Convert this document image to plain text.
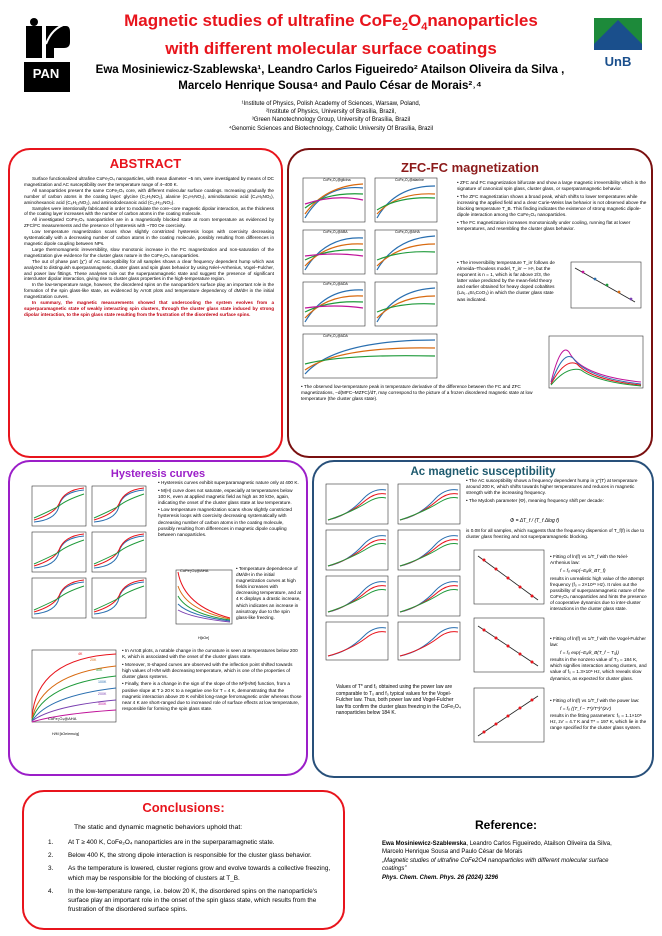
PAN
UnB
Magnetic studies of ultrafine $CoFe_2O_4nanoparticles$
with different molecular surface coatings
Ewa Mosiniewicz-Szablewska¹, Leandro Carlos Figueiredo² Atailson Oliveira da Silva ,
Marcelo Henrique Sousa⁴ and Paulo César de Morais²˒⁴
¹Institute of Physics, Polish Academy of Sciences, Warsaw, Poland,
²Institute of Physics, University of Brasília, Brazil,
³Green Nanotechnology Group, University of Brasília, Brazil
⁴Genomic Sciences and Biotechnology, Catholic University Of Brasília, Brazil
ABSTRACT

Surface functionalized ultrafine CoFe₂O₄ nanoparticles, with mean diameter ~5 nm, were investigated by means of DC magnetization and AC susceptibility over the temperature range of 4–400 K.

All nanoparticles present the same CoFe₂O₄ core, with different molecular surface coatings. Increasing gradually the number of carbon atoms in the coating layer: glycine (C₂H₅NO₂), alanine (C₃H₇NO₂), aminobutanoic acid (C₄H₉NO₂), aminohexanoic acid (C₆H₁₃NO₂), and aminododecanoic acid (C₁₂H₂₅NO₂).

Samples were intentionally fabricated in order to modulate the core–core magnetic dipolar interaction, as the thickness of the coating layer increases with the number of carbon atoms in the coating molecule.

All investigated CoFe₂O₄ nanoparticles are in a magnetically blocked state at room temperature as evidenced by ZFC/FC measurements and the presence of hysteresis with ~700 Oe coercivity.

Low temperature magnetization scans show slightly constricted hysteresis loops with coercivity decreasing systematically with a decreasing number of carbon atoms in the coating molecule, possibly resulting from differences in magnetic dipole coupling between NPs.

Large thermomagnetic irreversibility, slow monotonic increase in the FC magnetization and non-saturation of the magnetization give evidence for the cluster glass nature in the CoFe₂O₄ nanoparticles.

The out of phase part (χ'') of AC susceptibility for all samples shows a clear frequency dependent hump which was analyzed to distinguish superparamagnetic, cluster glass and spin glass behavior by using Néel–Arrhenius, Vogel–Fulcher, and power law fittings. These analyses rule out the superparamagnetic state and suggest the presence of significant intercluster dipolar interaction, giving rise to cluster glass properties in the high-temperature region.

In the low-temperature range, however, the disordered spins on the nanoparticle's surface play an important role in the formation of the spin glass-like state, as evidenced by Arrott plots and temperature dependency of dM/dH in the initial magnetization curves.

In summary, the magnetic measurements showed that undercooling the system evolves from a superparamagnetic state of weakly interacting spin clusters, through the cluster glass state induced by strong dipolar interaction, to the spin glass state resulting from the frustration of the disordered surface spins.

ZFC-FC magnetization
CoFe₂O₄@glicina	CoFe₂O₄@alanine
CoFe₂O₄@ABA	CoFe₂O₄@AHA
CoFe₂O₄@ADA
CoFe₂O₄@ADA

• ZFC and FC magnetization bifurcate and show a large magnetic irreversibility which is the signature of canonical spin glass, cluster glass, or superparamagnetic behavior.

• The ZFC magnetization shows a broad peak, which shifts to lower temperatures while increasing the applied field and a clear Curie-Weiss law behavior is not observed above the blocking temperature T_B. This finding indicates the existence of strong magnetic dipole-dipole interaction among the CoFe₂O₄ nanoparticles.

• The FC magnetization increases monotonically under cooling, running flat at lower temperatures, and resembling the cluster glass behavior.

• The irreversibility temperature T_irr follows de Almeida–Thouless model, T_irr ∼ Hⁿ, but the exponent is n = 1, which is far above 2/3, the latter value predicted by the mean-field theory and earlier obtained for heavy doped cobaltites (La₁₋ₓSrₓCoO₃) in which the cluster glass state was indicated.

• The observed low-temperature peak in temperature derivative of the difference between the FC and ZFC magnetizations, −d(MFC–MZFC)/dT, may correspond to the picture of a frozen disordered magnetic state at low temperature (the cluster glass state).

Hysteresis curves

• Hysteresis curves exhibit superparamagnetic nature only at 400 K.

• M(H) curve does not saturate, especially at temperatures below 100 K, even at applied magnetic field as high as 30 kOe, again, indicating the onset of the cluster glass state at low temperature.

• Low temperature magnetization scans show slightly constricted hysteresis loops with coercivity decreasing systematically with decreasing number of carbon atoms in the coating molecule, possibly resulting from differences in magnetic dipole coupling between nanoparticles.

CoFe₂O₄@AHA
H[kOe]

• Temperature dependence of dM/dH in the initial magnetization curves at high fields increases with decreasing temperature, and at 4 K displays a drastic increase, which indicates an increase in anisotropy due to the spin glass-like freezing.

CoFe₂O₄@AHA
H/M [kOe/emu/g]
4K
20K
50K
100K
200K
300K

• In Arrott plots, a notable change in the curvature is seen at temperatures below 200 K, which is associated with the onset of the cluster glass state.

• Moreover, S-shaped curves are observed with the inflection point shifted towards high values of H/M with decreasing temperature, which is one of the properties of cluster glass systems.

• Finally, there is a change in the sign of the slope of the M²(H/M) function, from a positive slope at T ≥ 20 K to a negative one for T = 4 K, demonstrating that the magnetic interaction above 20 K exhibit long-range ferromagnetic order whereas those near 4 K are short-ranged due to increased role of surface effects at low temperature, responsible for forming the spin glass state.

Ac magnetic susceptibility

• The AC susceptibility shows a frequency dependent hump in χ''(T) at temperature around 200 K, which shifts towards higher temperatures and reduces in magnetic strength with the increasing frequency.

• The Mydosh parameter (Φ), meaning frequency shift per decade:

Φ = ΔT_f / (T_f Δlog f)

is 0.08 for all samples, which suggests that the frequency dispersion of T_f(f) is due to cluster glass freezing and not superparamagnetic blocking.

• Fitting of ln(f) vs 1/T_f with the Néel-Arrhenius law:

f = f₀ exp(−Eₐ/k_BT_f)

results in unrealistic high value of the attempt frequency (f₀ = 2×10¹⁵ Hz). It rules out the possibility of superparamagnetic nature of the CoFe₂O₄ nanoparticles and hints the presence of cooperative dynamics due to inter-cluster interactions in the cluster glass state.

• Fitting of ln(f) vs 1/T_f with the Vogel-Fulcher law:

f = f₀ exp(−Eₐ/k_B(T_f − T₀))

results in the nonzero value of T₀ = 184 K, which signifies interaction among clusters, and value of f₀ = 1.3×10⁶ Hz, which reveals slow dynamics, as expected for cluster glass.

• Fitting of ln(f) vs 1/T_f with the power law:

f = f₀ ((T_f − T*)/T*)^(zν')

results in the fitting parameters: f₀ = 1.1×10⁶ Hz, zν' = 4.7 K and T* = 197 K, which lie in the range specified for the cluster glass system.

Values of T* and f₀ obtained using the power law are comparable to T₀ and f₀ typical values for the Vogel-Fulcher law. Thus, both power law and Vogel-Fulcher law fits confirm the cluster glass freezing in the CoFe₂O₄ nanoparticles below 184 K.

Conclusions:
The static and dynamic magnetic behaviors uphold that:
1. At T ≥ 400 K, CoFe₂O₄ nanoparticles are in the superparamagnetic state.
2. Below 400 K, the strong dipole interaction is responsible for the cluster glass behavior.
3. As the temperature is lowered, cluster regions grow and evolve towards a collective freezing, which may be responsible for the blocking of clusters at T_B.
4. In the low-temperature range, i.e. below 20 K, the disordered spins on the nanoparticle's surface play an important role in the onset of the spin glass state, which results from the frustration of the disordered surface spins.
Reference:
Ewa Mosiniewicz-Szablewska, Leandro Carlos Figueiredo, Atailson Oliveira da Silva, Marcelo Henrique Sousa and Paulo César de Morais
„Magnetic studies of ultrafine CoFe2O4 nanoparticles with different molecular surface coatings”
Phys. Chem. Chem. Phys. 26 (2024) 3296
